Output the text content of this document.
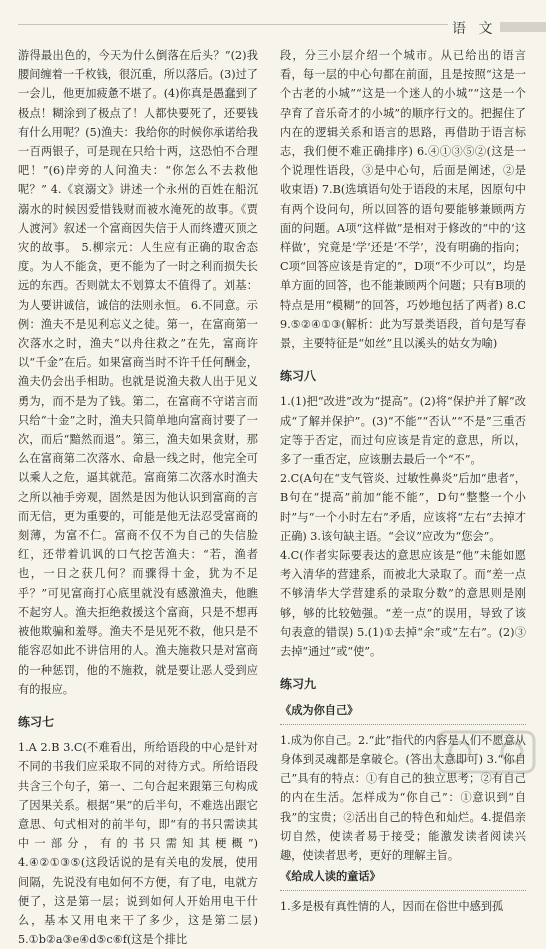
语 文

游得最出色的，今天为什么倒落在后头？”(2)我腰间缠着一千枚钱，很沉重，所以落后。(3)过了一会儿，他更加疲惫不堪了。(4)你真是愚蠢到了极点！糊涂到了极点了！人都快要死了，还要钱有什么用呢？(5)渔夫：我给你的时候你承诺给我一百两银子，可是现在只给十两，这恐怕不合理吧！”(6)岸旁的人问渔夫：“你怎么不去救他呢？” 4.《哀溺文》讲述一个永州的百姓在船沉溺水的时候因爱惜钱财而被水淹死的故事。《贾人渡河》叙述一个富商因失信于人而终遭灭顶之灾的故事。 5.柳宗元：人生应有正确的取舍态度。为人不能贪，更不能为了一时之利而损失长远的东西。否则就太不划算太不值得了。刘基：为人要讲诚信，诚信的法则永恒。 6.不同意。示例：渔夫不是见利忘义之徒。第一，在富商第一次落水之时，渔夫“以舟往救之”在先，富商许以“千金”在后。如果富商当时不许千任何酬金，渔夫仍会出手相助。也就是说渔夫救人出于见义勇为，而不是为了钱。第二，在富商不守诺言而只给“十金”之时，渔夫只简单地向富商讨要了一次，而后“黯然而退”。第三，渔夫如果贪财，那么在富商第二次落水、命悬一线之时，他完全可以乘人之危，逼其就范。富商第二次落水时渔夫之所以袖手旁观，固然是因为他认识到富商的言而无信，更为重要的，可能是他无法忍受富商的刻薄，为富不仁。富商不仅不为自己的失信脸红，还带着讥讽的口气挖苦渔夫：“若，渔者也，一日之获几何？而骤得十金，犹为不足乎？”可见富商打心底里就没有感激渔夫，他瞧不起穷人。渔夫拒绝救援这个富商，只是不想再被他欺骗和羞辱。渔夫不是见死不救，他只是不能容忍如此不讲信用的人。渔夫施救只是对富商的一种惩罚，他的不施救，就是要让恶人受到应有的报应。

练习七

1.A 2.B 3.C(不难看出，所给语段的中心是针对不同的书我们应采取不同的对待方式。所给语段共含三个句子，第一、二句合起来跟第三句构成了因果关系。根据“果”的后半句，不难选出跟它意思、句式相对的前半句，即“有的书只需读其中一部分，有的书只需知其梗概”) 4.④②①③⑤(这段话说的是有关电的发展，使用间隔，先说没有电如何不方便，有了电，电就方便了，这是第一层；说到如何人开始用电干什么，基本又用电来干了多少，这是第二层) 5.①b②a③e④d⑤c⑥f(这是个排比

段，分三小层介绍一个城市。从已给出的语言看，每一层的中心句都在前面，且是按照“这是一个古老的小城”“这是一个迷人的小城”“这是一个孕育了音乐奇才的小城”的顺序行文的。把握住了内在的逻辑关系和语言的思路，再借助于语言标志，我们便不难正确排序) 6.④①③⑤②(这是一个说理性语段，③是中心句，后面是阐述，②是收束语) 7.B(选填语句处于语段的末尾，因原句中有两个设问句，所以回答的语句要能够兼顾两方面的问题。A项“这样做”是相对于修改的“中的‘这样做’，究竟是‘学’还是‘不学’，没有明确的指向；C项“回答应该是肯定的”，D项“不少可以”，均是单方面的回答，也不能兼顾两个问题；只有B项的特点是用“模糊”的回答，巧妙地包括了两者) 8.C 9.⑤②④①③(解析：此为写景类语段，首句是写春景，主要特征是“如丝”且以溪头的姑女为喻)

练习八

1.(1)把“改进”改为“提高”。(2)将“保护并了解”改成“了解并保护”。(3)“不能”“否认”“不是”三重否定等于否定，而过句应该是肯定的意思，所以，多了一重否定，应该删去最后一个“不”。

2.C(A句在“支气管炎、过敏性鼻炎”后加“患者”，B句在“提高”前加“能不能”，D句“整整一个小时”与“一个小时左右”矛盾，应该将“左右”去掉才正确) 3.该句缺主语。“会议”应改为“您会”。

4.C(作者实际要表达的意思应该是“他”未能如愿考入清华的营建系，而被北大录取了。而“差一点不够清华大学营建系的录取分数”的意思则是刚够，够的比较勉强。“差一点”的误用，导致了该句表意的错误) 5.(1)①去掉“余”或“左右”。(2)③去掉“通过”或“使”。

练习九
《成为你自己》

1.成为你自己。2.“此”指代的内容是人们不愿意从身体到灵魂都是拿破仑。(答出大意即可) 3.“你自己”具有的特点：①有自己的独立思考；②有自己的内在生活。怎样成为“你自己”：①意识到“自我”的宝贵；②活出自己的特色和灿烂。4.提倡亲切自然，使读者易于接受；能激发读者阅读兴趣，使读者思考，更好的理解主旨。

《给成人读的童话》

1.多是极有真性情的人，因而在俗世中感到孤
